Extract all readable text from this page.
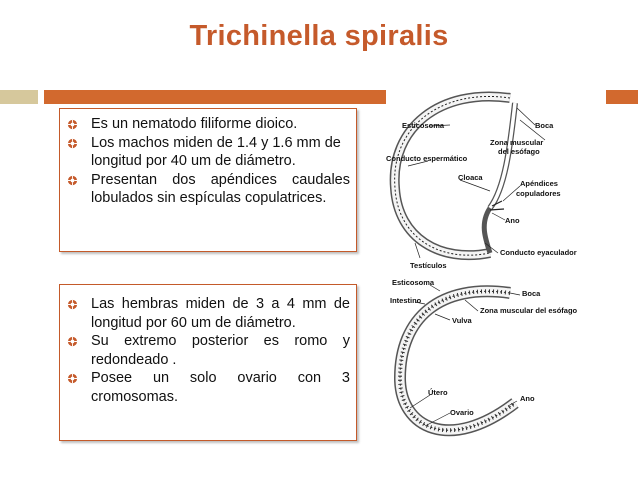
Trichinella spiralis
Es un nematodo filiforme dioico.
Los machos miden de 1.4 y 1.6 mm de longitud por 40 um de diámetro.
Presentan dos apéndices caudales lobulados sin espículas copulatrices.
Las hembras miden de 3 a 4 mm de longitud por 60 um de diámetro.
Su extremo posterior es romo y redondeado .
Posee un solo ovario con 3 cromosomas.
Esticosoma	Boca
Zona muscular
del esófago
Conducto espermático
Cloaca
Apéndices
copuladores
Ano
Conducto eyaculador
Testículos
Esticosoma
Boca
Intestino
Zona muscular del esófago
Vulva
Útero
Ano
Ovario
